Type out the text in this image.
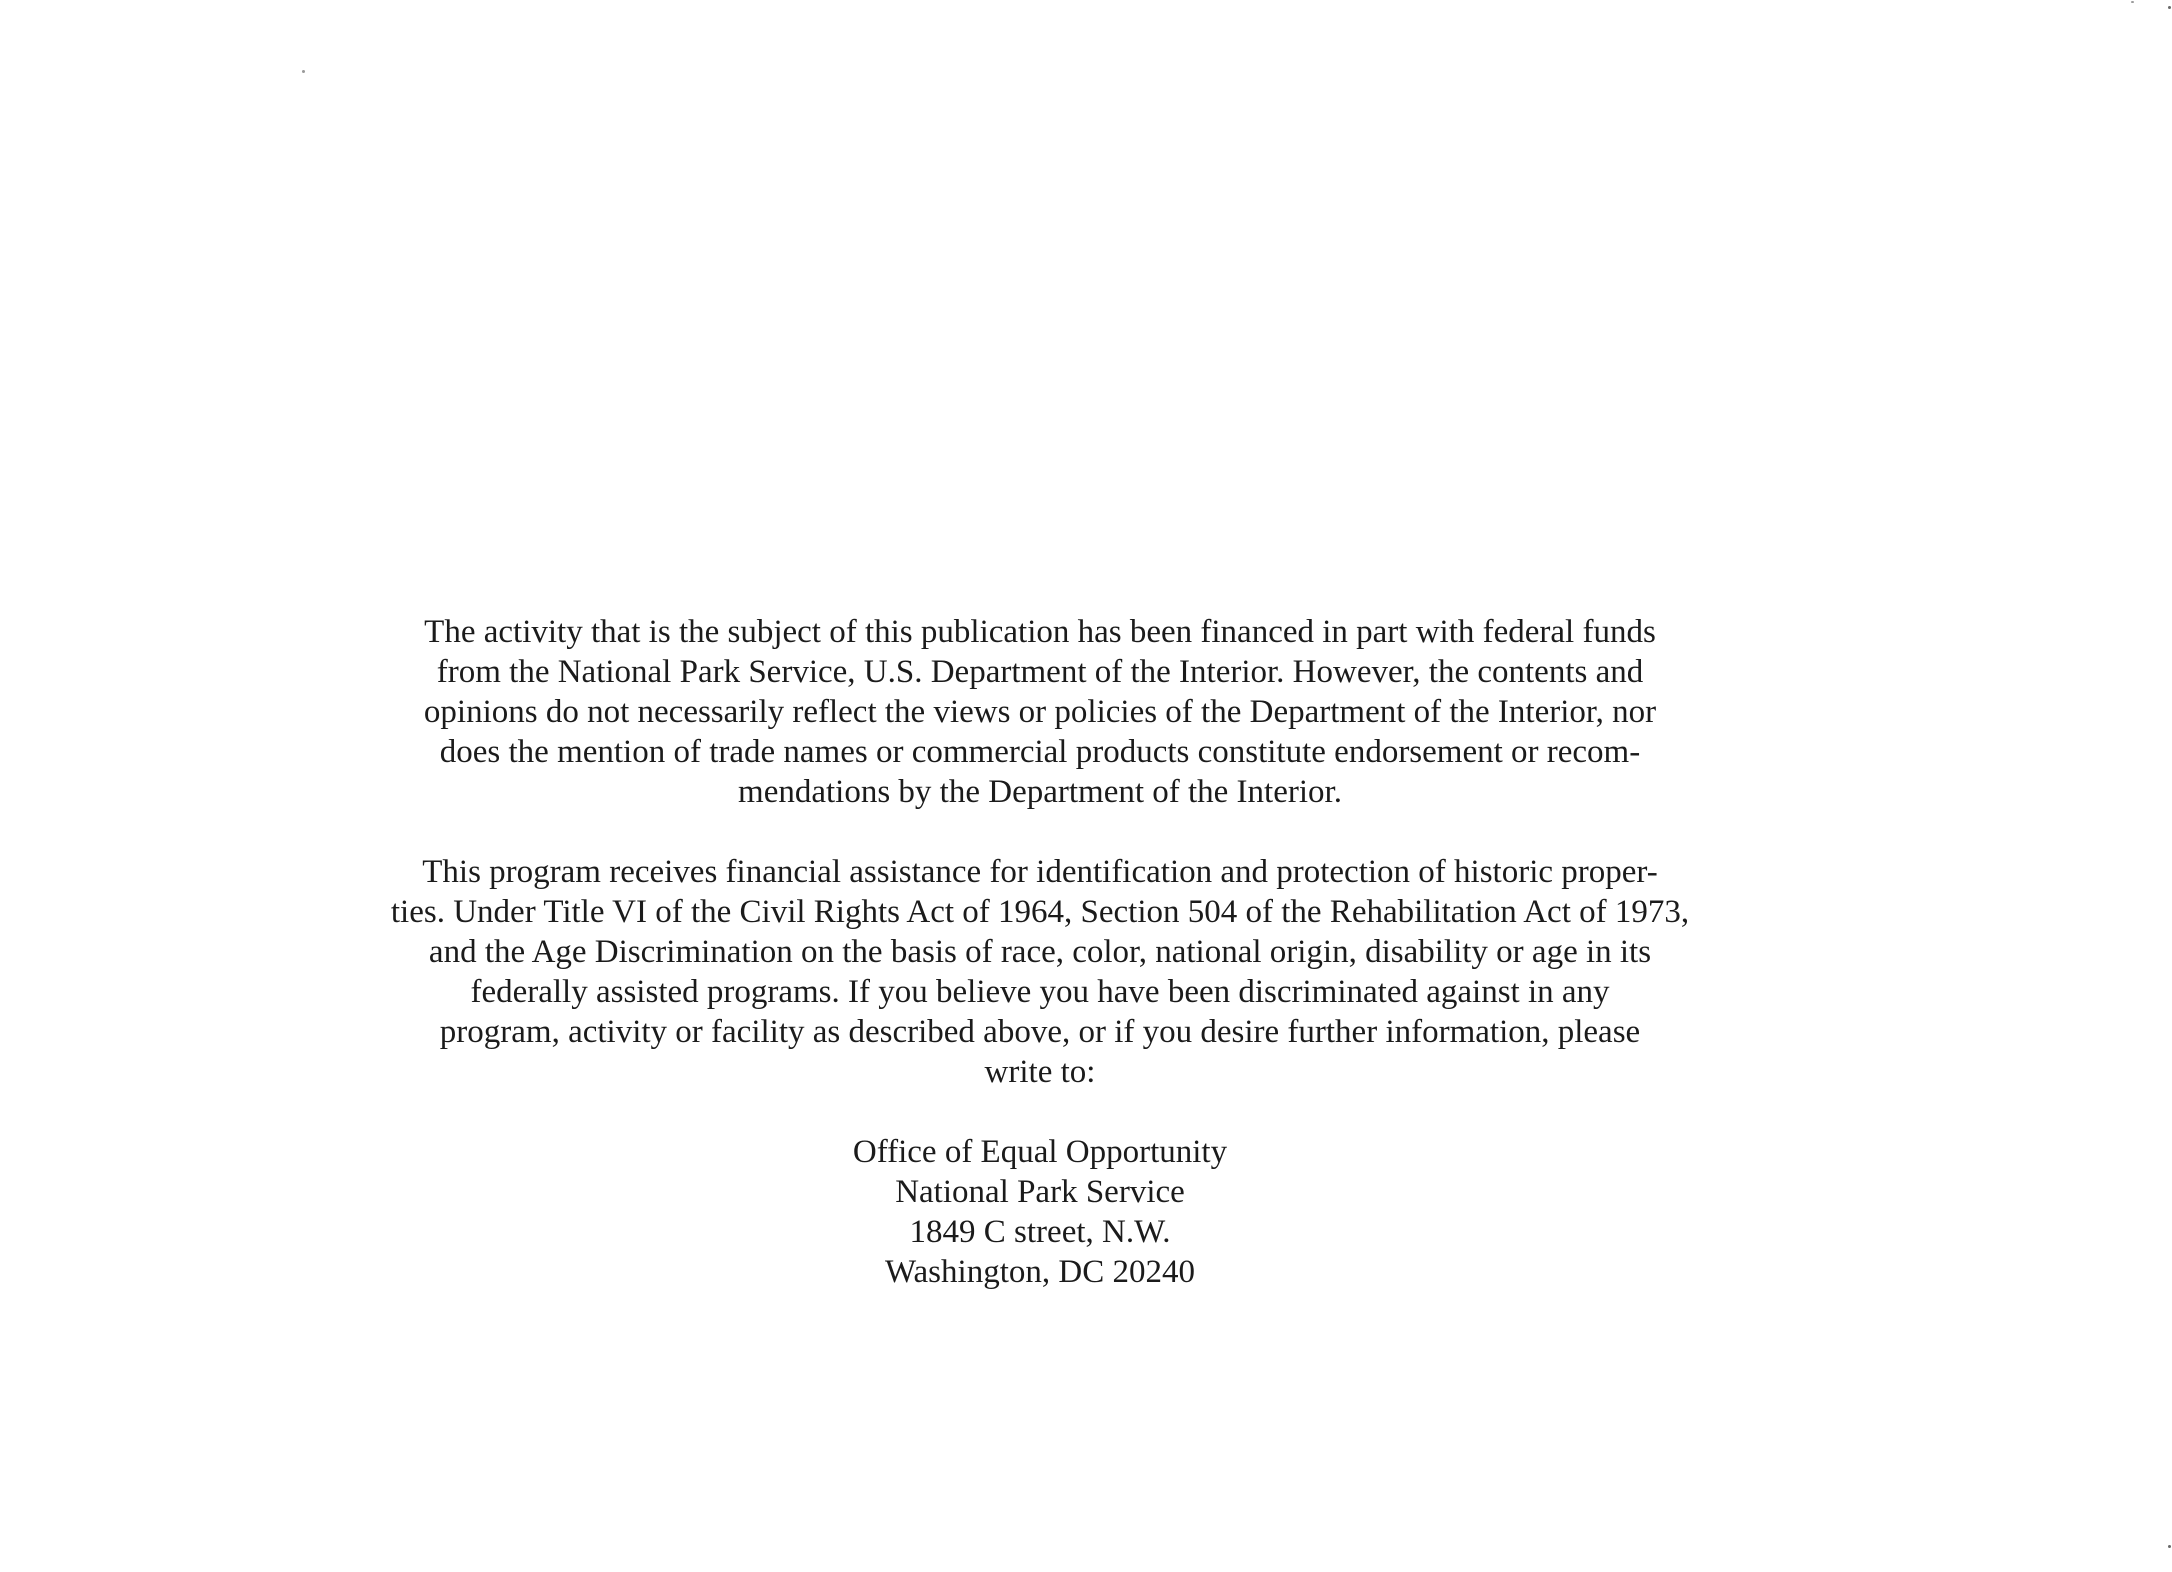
The activity that is the subject of this publication has been financed in part with federal funds
from the National Park Service, U.S. Department of the Interior. However, the contents and
opinions do not necessarily reflect the views or policies of the Department of the Interior, nor
does the mention of trade names or commercial products constitute endorsement or recom-
mendations by the Department of the Interior.

This program receives financial assistance for identification and protection of historic proper-
ties. Under Title VI of the Civil Rights Act of 1964, Section 504 of the Rehabilitation Act of 1973,
and the Age Discrimination on the basis of race, color, national origin, disability or age in its
federally assisted programs. If you believe you have been discriminated against in any
program, activity or facility as described above, or if you desire further information, please
write to:

Office of Equal Opportunity
National Park Service
1849 C street, N.W.
Washington, DC 20240
